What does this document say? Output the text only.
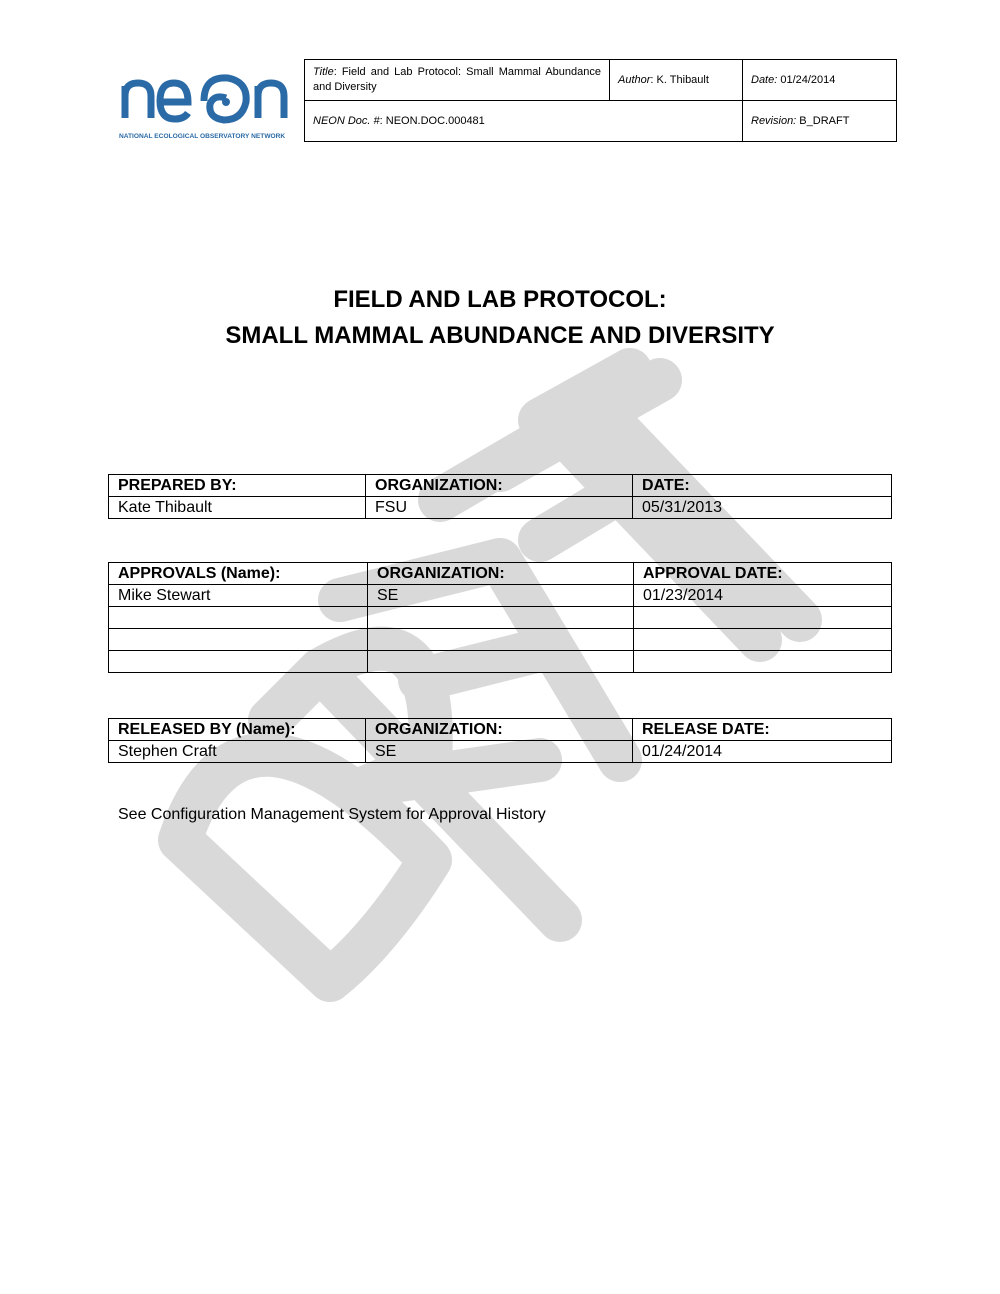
NATIONAL ECOLOGICAL OBSERVATORY NETWORK
Title: Field and Lab Protocol: Small Mammal Abundance and Diversity	Author: K. Thibault	Date: 01/24/2014
NEON Doc. #: NEON.DOC.000481		Revision: B_DRAFT
FIELD AND LAB PROTOCOL:
SMALL MAMMAL ABUNDANCE AND DIVERSITY
PREPARED BY:	ORGANIZATION:	DATE:
Kate Thibault	FSU	05/31/2013
APPROVALS (Name):	ORGANIZATION:	APPROVAL DATE:
Mike Stewart	SE	01/23/2014

RELEASED BY (Name):	ORGANIZATION:	RELEASE DATE:
Stephen Craft	SE	01/24/2014
See Configuration Management System for Approval History
